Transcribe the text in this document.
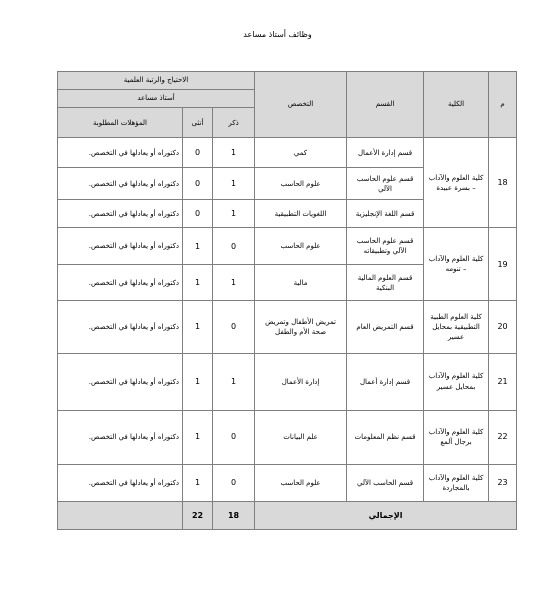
وظائف أستاذ مساعد
م	الكلية	القسم	التخصص	الاحتياج والرتبة العلمية		
				أستاذ مساعد		
				ذكر	أنثى	المؤهلات المطلوبة
18	كلية العلوم والآداب – بسرة عبيدة	قسم إدارة الأعمال	كمي	1	0	دكتوراه أو يعادلها في التخصص.
		قسم علوم الحاسب الآلي	علوم الحاسب	1	0	دكتوراه أو يعادلها في التخصص.
		قسم اللغة الإنجليزية	اللغويات التطبيقية	1	0	دكتوراه أو يعادلها في التخصص.
19	كلية العلوم والآداب – تنومه	قسم علوم الحاسب الآلي وتطبيقاته	علوم الحاسب	0	1	دكتوراه أو يعادلها في التخصص.
		قسم العلوم المالية البنكية	مالية	1	1	دكتوراه أو يعادلها في التخصص.
20	كلية العلوم الطبية التطبيقية بمحايل عسير	قسم التمريض العام	تمريض الأطفال وتمريض صحة الأم والطفل	0	1	دكتوراه أو يعادلها في التخصص.
21	كلية العلوم والآداب بمحايل عسير	قسم إدارة أعمال	إدارة الأعمال	1	1	دكتوراه أو يعادلها في التخصص.
22	كلية العلوم والآداب برجال ألمع	قسم نظم المعلومات	علم البيانات	0	1	دكتوراه أو يعادلها في التخصص.
23	كلية العلوم والآداب بالمجاردة	قسم الحاسب الآلي	علوم الحاسب	0	1	دكتوراه أو يعادلها في التخصص.
الإجمالي				18	22	
